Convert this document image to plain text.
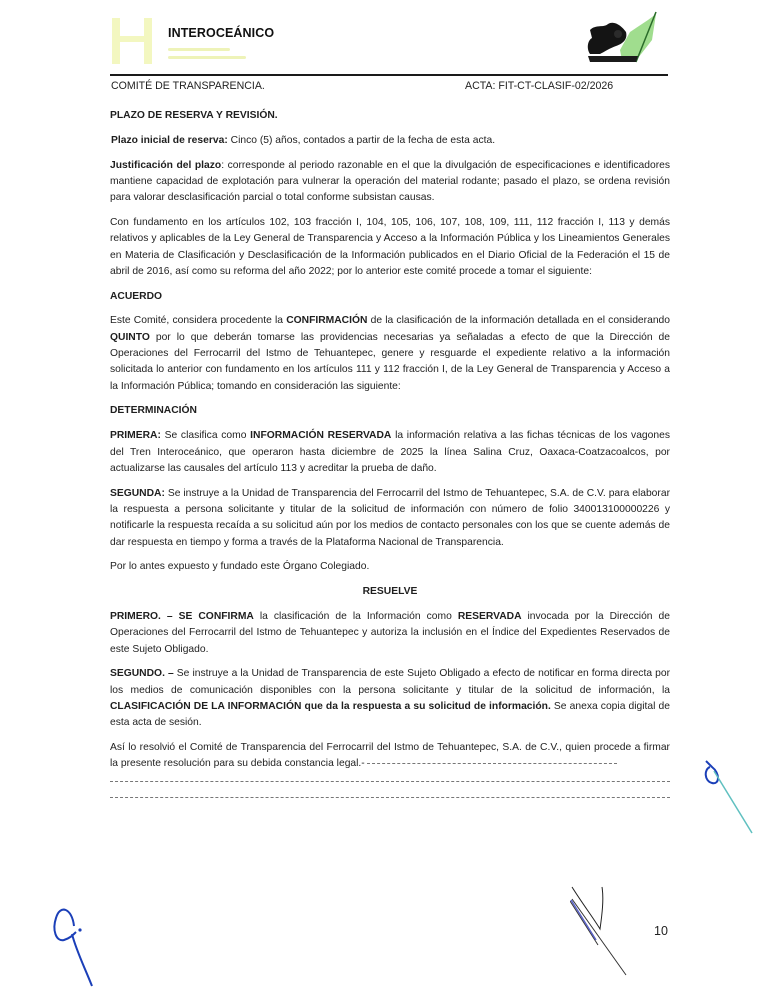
INTEROCEÁNICO
COMITÉ DE TRANSPARENCIA.	ACTA: FIT-CT-CLASIF-02/2026

PLAZO DE RESERVA Y REVISIÓN.

Plazo inicial de reserva: Cinco (5) años, contados a partir de la fecha de esta acta.

Justificación del plazo: corresponde al periodo razonable en el que la divulgación de especificaciones e identificadores mantiene capacidad de explotación para vulnerar la operación del material rodante; pasado el plazo, se ordena revisión para valorar desclasificación parcial o total conforme subsistan causas.

Con fundamento en los artículos 102, 103 fracción I, 104, 105, 106, 107, 108, 109, 111, 112 fracción I, 113 y demás relativos y aplicables de la Ley General de Transparencia y Acceso a la Información Pública y los Lineamientos Generales en Materia de Clasificación y Desclasificación de la Información publicados en el Diario Oficial de la Federación el 15 de abril de 2016, así como su reforma del año 2022; por lo anterior este comité procede a tomar el siguiente:

ACUERDO

Este Comité, considera procedente la CONFIRMACIÓN de la clasificación de la información detallada en el considerando QUINTO por lo que deberán tomarse las providencias necesarias ya señaladas a efecto de que la Dirección de Operaciones del Ferrocarril del Istmo de Tehuantepec, genere y resguarde el expediente relativo a la información solicitada lo anterior con fundamento en los artículos 111 y 112 fracción I, de la Ley General de Transparencia y Acceso a la Información Pública; tomando en consideración las siguiente:

DETERMINACIÓN

PRIMERA: Se clasifica como INFORMACIÓN RESERVADA la información relativa a las fichas técnicas de los vagones del Tren Interoceánico, que operaron hasta diciembre de 2025 la línea Salina Cruz, Oaxaca-Coatzacoalcos, por actualizarse las causales del artículo 113 y acreditar la prueba de daño.

SEGUNDA: Se instruye a la Unidad de Transparencia del Ferrocarril del Istmo de Tehuantepec, S.A. de C.V. para elaborar la respuesta a persona solicitante y titular de la solicitud de información con número de folio 340013100000226 y notificarle la respuesta recaída a su solicitud aún por los medios de contacto personales con los que se cuente además de dar respuesta en tiempo y forma a través de la Plataforma Nacional de Transparencia.

Por lo antes expuesto y fundado este Órgano Colegiado.

RESUELVE

PRIMERO. – SE CONFIRMA la clasificación de la Información como RESERVADA invocada por la Dirección de Operaciones del Ferrocarril del Istmo de Tehuantepec y autoriza la inclusión en el Índice del Expedientes Reservados de este Sujeto Obligado.

SEGUNDO. – Se instruye a la Unidad de Transparencia de este Sujeto Obligado a efecto de notificar en forma directa por los medios de comunicación disponibles con la persona solicitante y titular de la solicitud de información, la CLASIFICACIÓN DE LA INFORMACIÓN que da la respuesta a su solicitud de información. Se anexa copia digital de esta acta de sesión.

Así lo resolvió el Comité de Transparencia del Ferrocarril del Istmo de Tehuantepec, S.A. de C.V., quien procede a firmar la presente resolución para su debida constancia legal.-

10
